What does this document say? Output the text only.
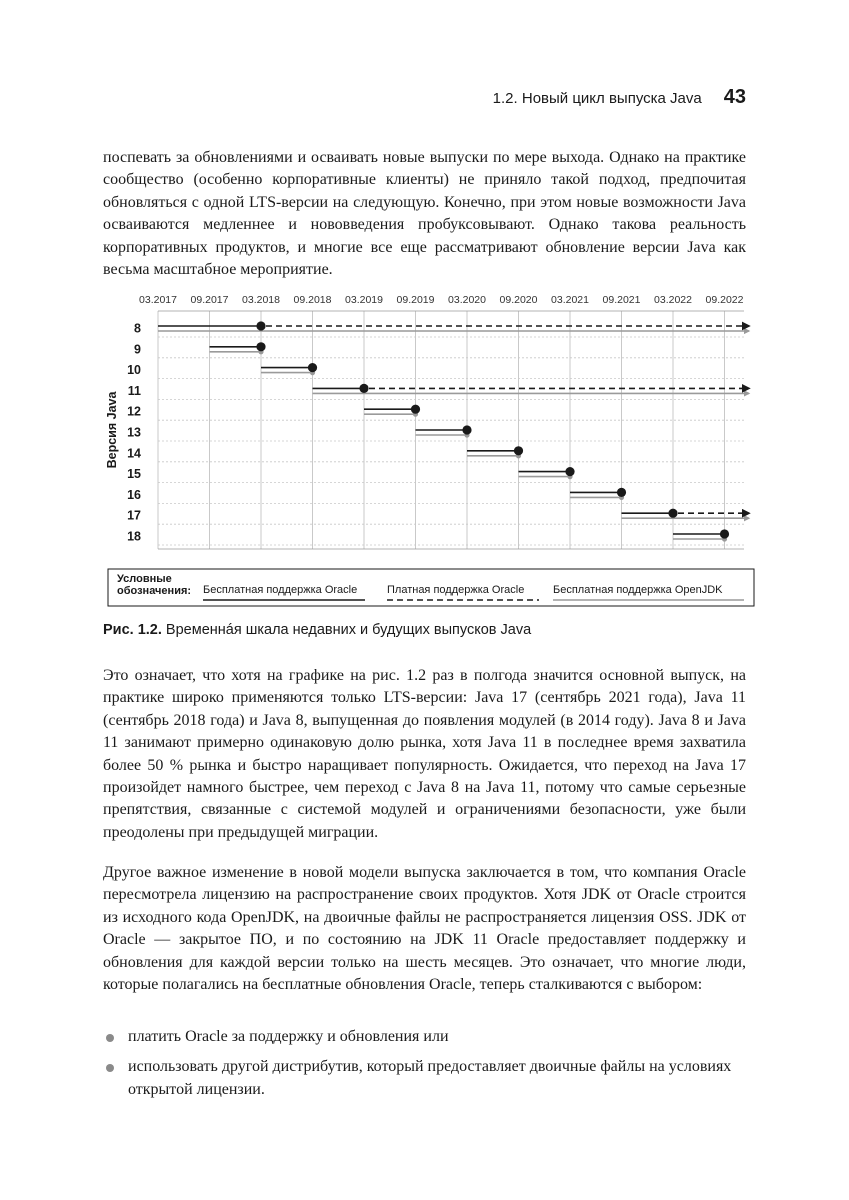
1.2. Новый цикл выпуска Java 43

поспевать за обновлениями и осваивать новые выпуски по мере выхода. Однако на практике сообщество (особенно корпоративные клиенты) не приняло такой подход, предпочитая обновляться с одной LTS-версии на следующую. Конечно, при этом новые возможности Java осваиваются медленнее и нововведения пробуксовывают. Однако такова реальность корпоративных продуктов, и многие все еще рассматривают обновление версии Java как весьма масштабное мероприятие.

03.2017 09.2017 03.2018 09.2018 03.2019 09.2019 03.2020 09.2020 03.2021 09.2021 03.2022 09.2022
Версия Java
8
9
10
11
12
13
14
15
16
17
18
Условные
обозначения: Бесплатная поддержка Oracle	Платная поддержка Oracle	Бесплатная поддержка OpenJDK
Рис. 1.2. Временнáя шкала недавних и будущих выпусков Java

Это означает, что хотя на графике на рис. 1.2 раз в полгода значится основной выпуск, на практике широко применяются только LTS-версии: Java 17 (сентябрь 2021 года), Java 11 (сентябрь 2018 года) и Java 8, выпущенная до появления модулей (в 2014 году). Java 8 и Java 11 занимают примерно одинаковую долю рынка, хотя Java 11 в последнее время захватила более 50 % рынка и быстро наращивает популярность. Ожидается, что переход на Java 17 произойдет намного быстрее, чем переход с Java 8 на Java 11, потому что самые серьезные препятствия, связанные с системой модулей и ограничениями безопасности, уже были преодолены при предыдущей миграции.

Другое важное изменение в новой модели выпуска заключается в том, что компания Oracle пересмотрела лицензию на распространение своих продуктов. Хотя JDK от Oracle строится из исходного кода OpenJDK, на двоичные файлы не распространяется лицензия OSS. JDK от Oracle — закрытое ПО, и по состоянию на JDK 11 Oracle предоставляет поддержку и обновления для каждой версии только на шесть месяцев. Это означает, что многие люди, которые полагались на бесплатные обновления Oracle, теперь сталкиваются с выбором:

платить Oracle за поддержку и обновления или
использовать другой дистрибутив, который предоставляет двоичные файлы на условиях открытой лицензии.
